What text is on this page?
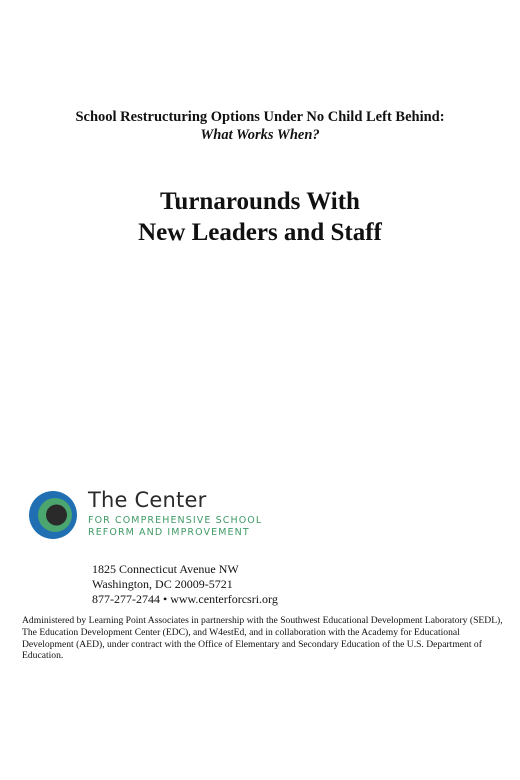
School Restructuring Options Under No Child Left Behind:
What Works When?
Turnarounds With
New Leaders and Staff
The Center
FOR COMPREHENSIVE SCHOOL
REFORM AND IMPROVEMENT
1825 Connecticut Avenue NW
Washington, DC 20009-5721
877-277-2744 • www.centerforcsri.org
Administered by Learning Point Associates in partnership with the Southwest Educational Development Laboratory (SEDL), The Education Development Center (EDC), and W4estEd, and in collaboration with the Academy for Educational Development (AED), under contract with the Office of Elementary and Secondary Education of the U.S. Department of Education.
